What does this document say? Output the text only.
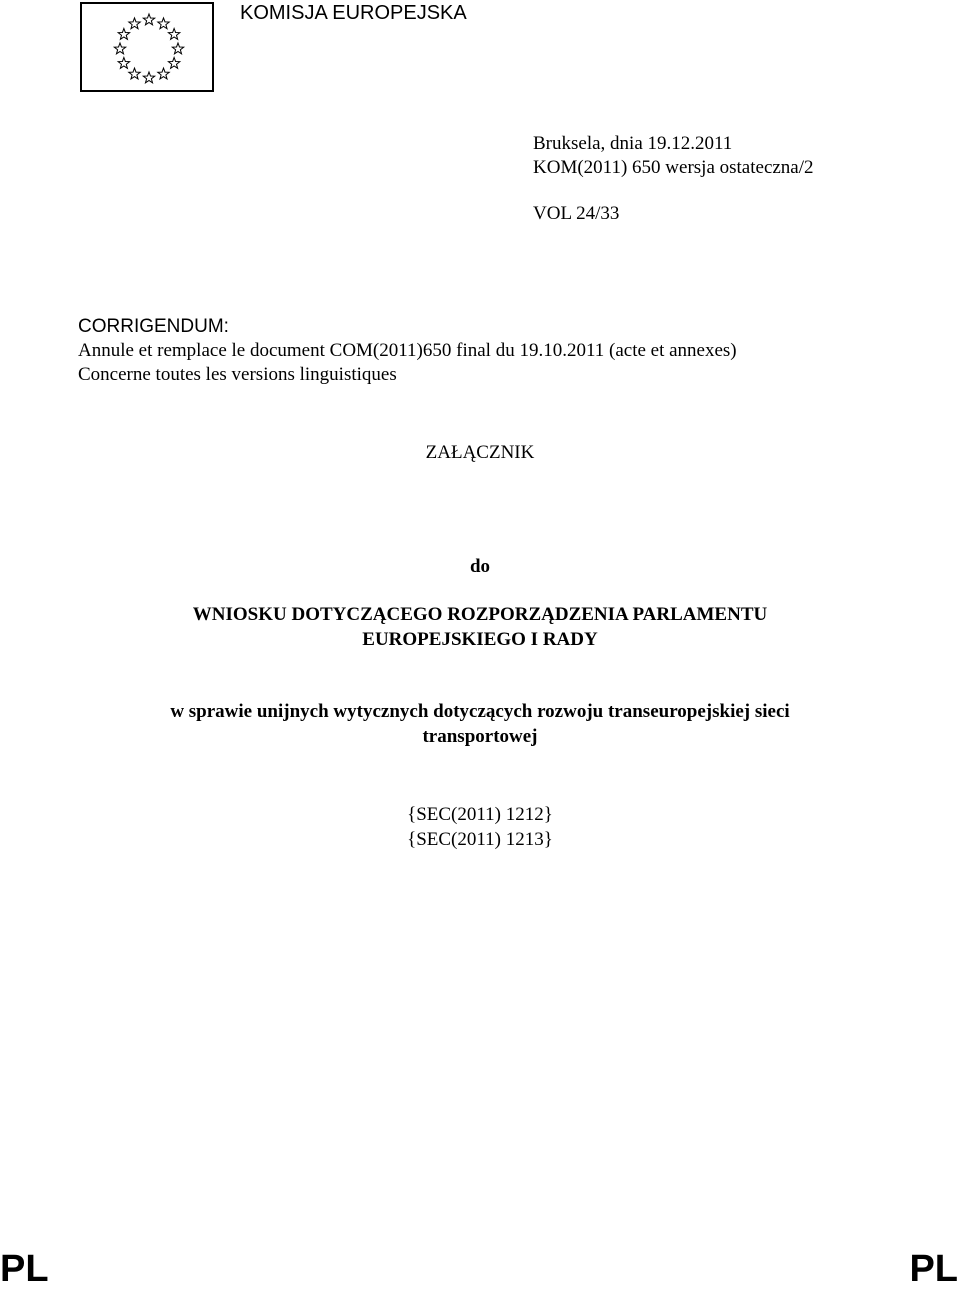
KOMISJA EUROPEJSKA
Bruksela, dnia 19.12.2011
KOM(2011) 650 wersja ostateczna/2
VOL 24/33
CORRIGENDUM:
Annule et remplace le document COM(2011)650 final du 19.10.2011 (acte et annexes)
Concerne toutes les versions linguistiques
ZAŁĄCZNIK
do
WNIOSKU DOTYCZĄCEGO ROZPORZĄDZENIA PARLAMENTU
EUROPEJSKIEGO I RADY
w sprawie unijnych wytycznych dotyczących rozwoju transeuropejskiej sieci
transportowej
{SEC(2011) 1212}
{SEC(2011) 1213}
PL	PL
